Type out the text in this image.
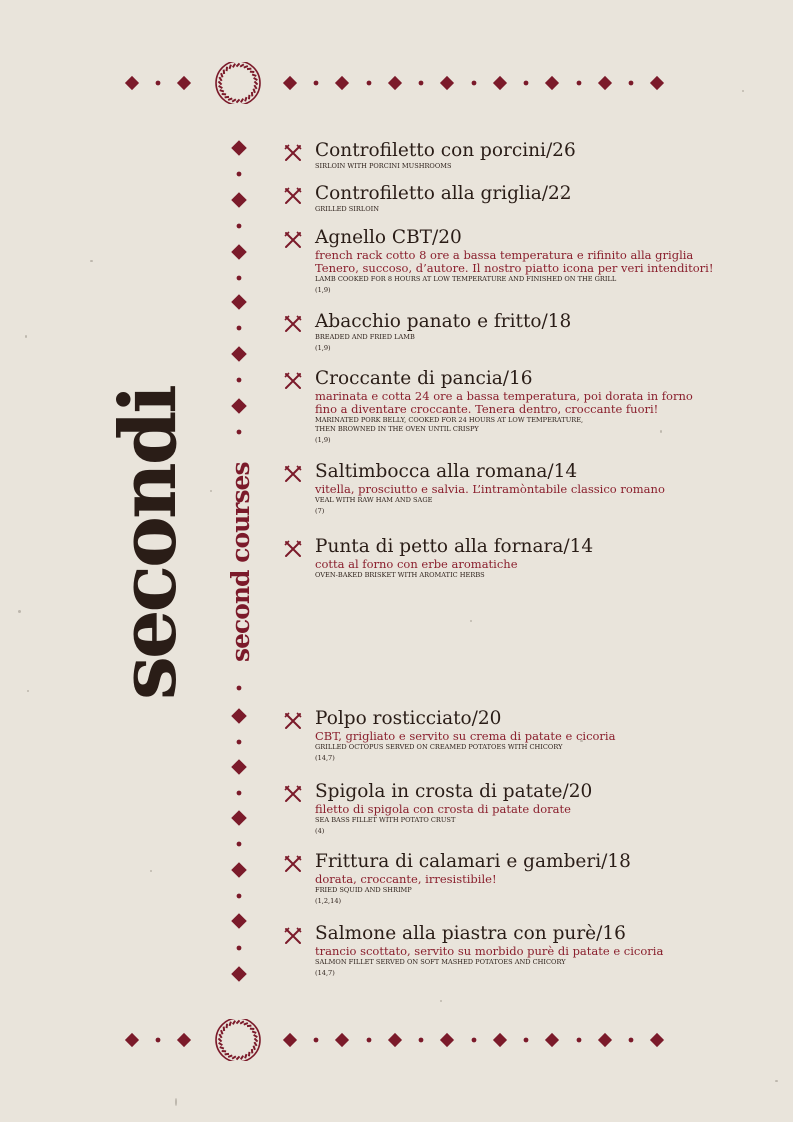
secondi second courses
Controfiletto con porcini/26
SIRLOIN WITH PORCINI MUSHROOMS
Controfiletto alla griglia/22
GRILLED SIRLOIN
Agnello CBT/20
french rack cotto 8 ore a bassa temperatura e rifinito alla griglia
Tenero, succoso, d’autore. Il nostro piatto icona per veri intenditori!
LAMB COOKED FOR 8 HOURS AT LOW TEMPERATURE AND FINISHED ON THE GRILL
(1,9)
Abacchio panato e fritto/18
BREADED AND FRIED LAMB
(1,9)
Croccante di pancia/16
marinata e cotta 24 ore a bassa temperatura, poi dorata in forno
fino a diventare croccante. Tenera dentro, croccante fuori!
MARINATED PORK BELLY, COOKED FOR 24 HOURS AT LOW TEMPERATURE,
THEN BROWNED IN THE OVEN UNTIL CRISPY
(1,9)
Saltimbocca alla romana/14
vitella, prosciutto e salvia. L’intramòntabile classico romano
VEAL WITH RAW HAM AND SAGE
(7)
Punta di petto alla fornara/14
cotta al forno con erbe aromatiche
OVEN-BAKED BRISKET WITH AROMATIC HERBS
Polpo rosticciato/20
CBT, grigliato e servito su crema di patate e cicoria
GRILLED OCTOPUS SERVED ON CREAMED POTATOES WITH CHICORY
(14,7)
Spigola in crosta di patate/20
filetto di spigola con crosta di patate dorate
SEA BASS FILLET WITH POTATO CRUST
(4)
Frittura di calamari e gamberi/18
dorata, croccante, irresistibile!
FRIED SQUID AND SHRIMP
(1,2,14)
Salmone alla piastra con purè/16
trancio scottato, servito su morbido purè di patate e cicoria
SALMON FILLET SERVED ON SOFT MASHED POTATOES AND CHICORY
(14,7)
